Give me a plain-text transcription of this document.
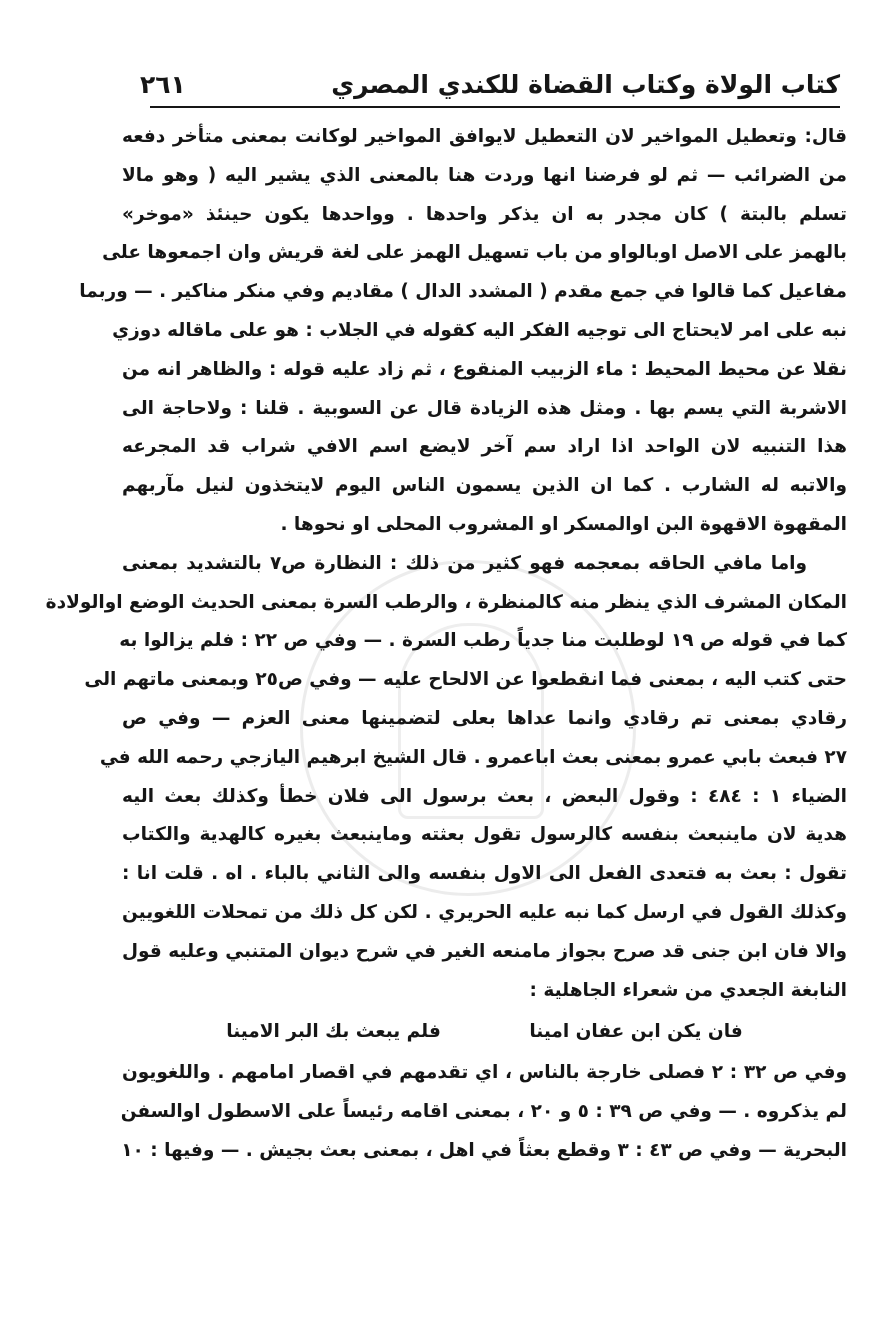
كتاب الولاة وكتاب القضاة للكندي المصري
٢٦١
قال: وتعطيل المواخير لان التعطيل لايوافق المواخير لوكانت بمعنى متأخر دفعه
من الضرائب — ثم لو فرضنا انها وردت هنا بالمعنى الذي يشير اليه ( وهو مالا
تسلم بالبتة ) كان مجدر به ان يذكر واحدها . وواحدها يكون حينئذ «موخر»
بالهمز على الاصل اوبالواو من باب تسهيل الهمز على لغة قريش وان اجمعوها على
مفاعيل كما قالوا في جمع مقدم ( المشدد الدال ) مقاديم وفي منكر مناكير . — وربما
نبه على امر لايحتاج الى توجيه الفكر اليه كقوله في الجلاب : هو على ماقاله دوزي
نقلا عن محيط المحيط : ماء الزبيب المنقوع ، ثم زاد عليه قوله : والظاهر انه من
الاشربة التي يسم بها . ومثل هذه الزيادة قال عن السوبية . قلنا : ولاحاجة الى
هذا التنبيه لان الواحد اذا اراد سم آخر لايضع اسم الافي شراب قد المجرعه
والاتبه له الشارب . كما ان الذين يسمون الناس اليوم لايتخذون لنيل مآربهم
المقهوة الاقهوة البن اوالمسكر او المشروب المحلى او نحوها .
واما مافي الحاقه بمعجمه فهو كثير من ذلك : النظارة ص٧ بالتشديد بمعنى
المكان المشرف الذي ينظر منه كالمنظرة ، والرطب السرة بمعنى الحديث الوضع اوالولادة
كما في قوله ص ١٩ لوطلبت منا جدياً رطب السرة . — وفي ص ٢٢ : فلم يزالوا به
حتى كتب اليه ، بمعنى فما انقطعوا عن الالحاح عليه — وفي ص٢٥ وبمعنى ماتهم الى
رقادي بمعنى تم رقادي وانما عداها بعلى لتضمينها معنى العزم — وفي ص
٢٧ فبعث بابي عمرو بمعنى بعث اباعمرو . قال الشيخ ابرهيم اليازجي رحمه الله في
الضياء ١ : ٤٨٤ : وقول البعض ، بعث برسول الى فلان خطأ وكذلك بعث اليه
هدية لان ماينبعث بنفسه كالرسول تقول بعثته وماينبعث بغيره كالهدية والكتاب
تقول : بعث به فتعدى الفعل الى الاول بنفسه والى الثاني بالباء . اه . قلت انا :
وكذلك القول في ارسل كما نبه عليه الحريري . لكن كل ذلك من تمحلات اللغويين
والا فان ابن جنى قد صرح بجواز مامنعه الغير في شرح ديوان المتنبي وعليه قول
النابغة الجعدي من شعراء الجاهلية :
فان يكن ابن عفان امينا
فلم يبعث بك البر الامينا
وفي ص ٣٢ : ٢ فصلى خارجة بالناس ، اي تقدمهم في اقصار امامهم . واللغويون
لم يذكروه . — وفي ص ٣٩ : ٥ و ٢٠ ، بمعنى اقامه رئيساً على الاسطول اوالسفن
البحرية — وفي ص ٤٣ : ٣ وقطع بعثاً في اهل ، بمعنى بعث بجيش . — وفيها : ١٠
